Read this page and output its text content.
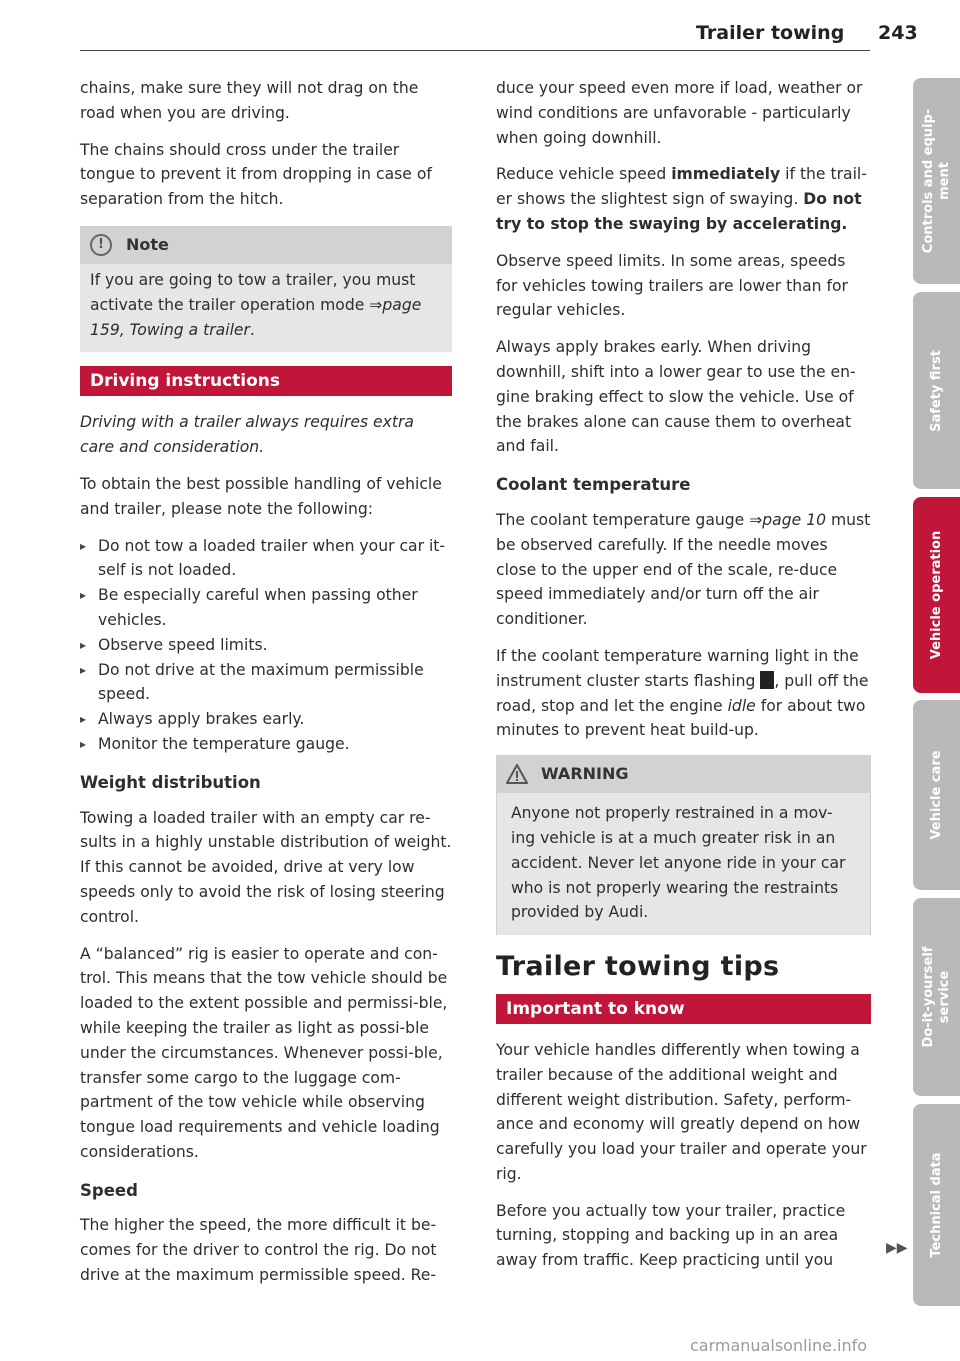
Trailer towing 243

chains, make sure they will not drag on the road when you are driving.

The chains should cross under the trailer tongue to prevent it from dropping in case of separation from the hitch.

!	Note
If you are going to tow a trailer, you must activate the trailer operation mode ⇒page 159, Towing a trailer.
Driving instructions

Driving with a trailer always requires extra care and consideration.

To obtain the best possible handling of vehicle and trailer, please note the following:

▸ Do not tow a loaded trailer when your car it-self is not loaded.
▸ Be especially careful when passing other vehicles.
▸ Observe speed limits.
▸ Do not drive at the maximum permissible speed.
▸ Always apply brakes early.
▸ Monitor the temperature gauge.
Weight distribution

Towing a loaded trailer with an empty car re-sults in a highly unstable distribution of weight. If this cannot be avoided, drive at very low speeds only to avoid the risk of losing steering control.

A “balanced” rig is easier to operate and con-trol. This means that the tow vehicle should be loaded to the extent possible and permissi-ble, while keeping the trailer as light as possi-ble under the circumstances. Whenever possi-ble, transfer some cargo to the luggage com-partment of the tow vehicle while observing tongue load requirements and vehicle loading considerations.

Speed

The higher the speed, the more difficult it be-comes for the driver to control the rig. Do not drive at the maximum permissible speed. Re-

duce your speed even more if load, weather or wind conditions are unfavorable - particularly when going downhill.

Reduce vehicle speed immediately if the trail-er shows the slightest sign of swaying. Do not try to stop the swaying by accelerating.

Observe speed limits. In some areas, speeds for vehicles towing trailers are lower than for regular vehicles.

Always apply brakes early. When driving downhill, shift into a lower gear to use the en-gine braking effect to slow the vehicle. Use of the brakes alone can cause them to overheat and fail.

Coolant temperature

The coolant temperature gauge ⇒page 10 must be observed carefully. If the needle moves close to the upper end of the scale, re-duce speed immediately and/or turn off the air conditioner.

If the coolant temperature warning light in the instrument cluster starts flashing , pull off the road, stop and let the engine idle for about two minutes to prevent heat build-up.

WARNING
Anyone not properly restrained in a mov-ing vehicle is at a much greater risk in an accident. Never let anyone ride in your car who is not properly wearing the restraints provided by Audi.
Trailer towing tips
Important to know

Your vehicle handles differently when towing a trailer because of the additional weight and different weight distribution. Safety, perform-ance and economy will greatly depend on how carefully you load your trailer and operate your rig.

Before you actually tow your trailer, practice turning, stopping and backing up in an area away from traffic. Keep practicing until you

▶▶
Controls and equip-
ment
Safety first
Vehicle operation
Vehicle care
Do-it-yourself
service
Technical data
carmanualsonline.info
